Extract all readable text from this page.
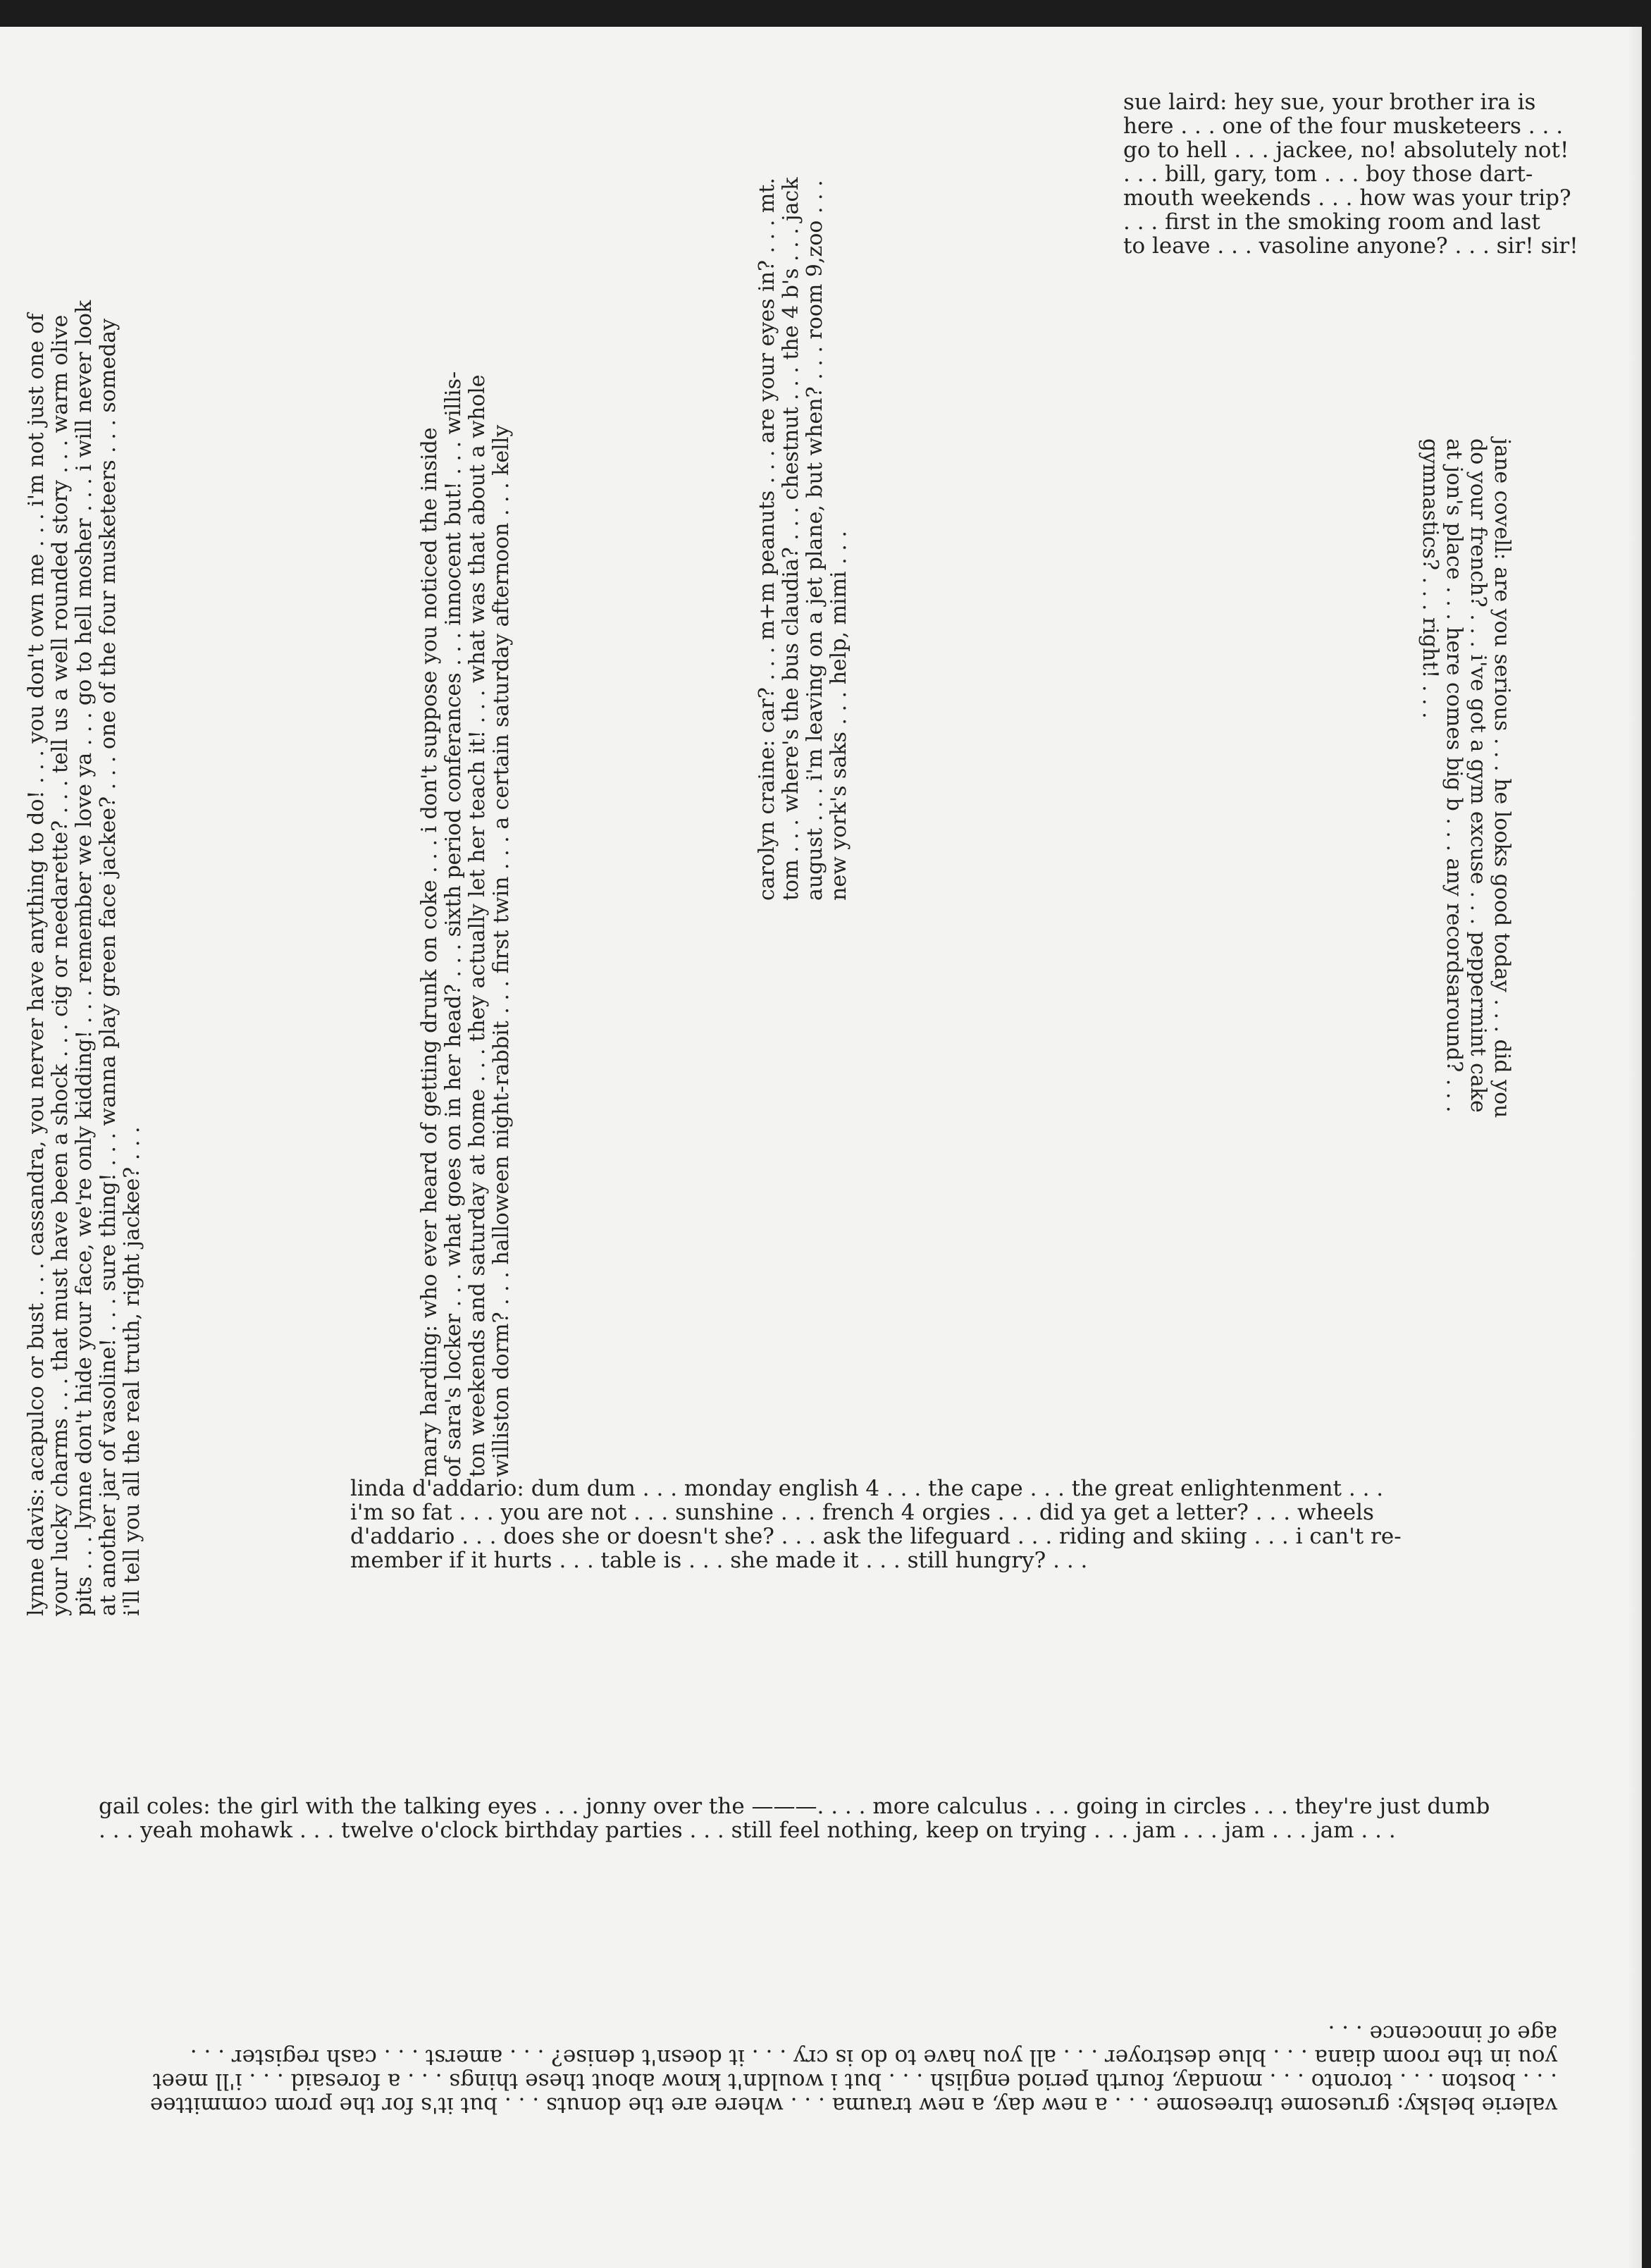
sue laird: hey sue, your brother ira is
here . . . one of the four musketeers . . .
go to hell . . . jackee, no! absolutely not!
. . . bill, gary, tom . . . boy those dart-
mouth weekends . . . how was your trip?
. . . first in the smoking room and last
to leave . . . vasoline anyone? . . . sir! sir!
lynne davis: acapulco or bust . . . cassandra, you nerver have anything to do! . . . you don't own me . . . i'm not just one of your lucky charms . . . that must have been a shock . . . cig or needarette? . . . tell us a well rounded story . . . warm olive pits . . . lynne don't hide your face, we're only kidding! . . . remember we love ya . . . go to hell mosher . . . i will never look at another jar of vasoline! . . . sure thing! . . . wanna play green face jackee? . . . one of the four musketeers . . . someday i'll tell you all the real truth, right jackee? . . .	mary harding: who ever heard of getting drunk on coke . . . i don't suppose you noticed the inside of sara's locker . . . what goes on in her head? . . . sixth period conferances . . . innocent but! . . . willis- ton weekends and saturday at home . . . they actually let her teach it! . . . what was that about a whole williston dorm? . . . halloween night-rabbit . . . first twin . . . a certain saturday afternoon . . . kelly	carolyn craine: car? . . . m+m peanuts . . . are your eyes in? . . . mt. tom . . . where's the bus claudia? . . . chestnut . . . the 4 b's . . . jack august . . . i'm leaving on a jet plane, but when? . . . room 9,zoo . . . new york's saks . . . help, mimi . . .	jane covell: are you serious . . . he looks good today . . . did you
do your french? . . . i've got a gym excuse . . . peppermint cake
at jon's place . . . here comes big b . . . any recordsaround? . . .
gymnastics? . . . right! . . .
linda d'addario: dum dum . . . monday english 4 . . . the cape . . . the great enlightenment . . .
i'm so fat . . . you are not . . . sunshine . . . french 4 orgies . . . did ya get a letter? . . . wheels
d'addario . . . does she or doesn't she? . . . ask the lifeguard . . . riding and skiing . . . i can't re-
member if it hurts . . . table is . . . she made it . . . still hungry? . . .
gail coles: the girl with the talking eyes . . . jonny over the ———. . . . more calculus . . . going in circles . . . they're just dumb
. . . yeah mohawk . . . twelve o'clock birthday parties . . . still feel nothing, keep on trying . . . jam . . . jam . . . jam . . .
valerie belsky: gruesome threesome . . . a new day, a new trauma . . . where are the donuts . . . but it's for the prom committee
. . . boston . . . toronto . . . monday, fourth period english . . . but i wouldn't know about these things . . . a foresaid . . . i'll meet
you in the room diana . . . blue destroyer . . . all you have to do is cry . . . it doesn't denise? . . . amerst . . . cash register . . .
age of innocence . . .
